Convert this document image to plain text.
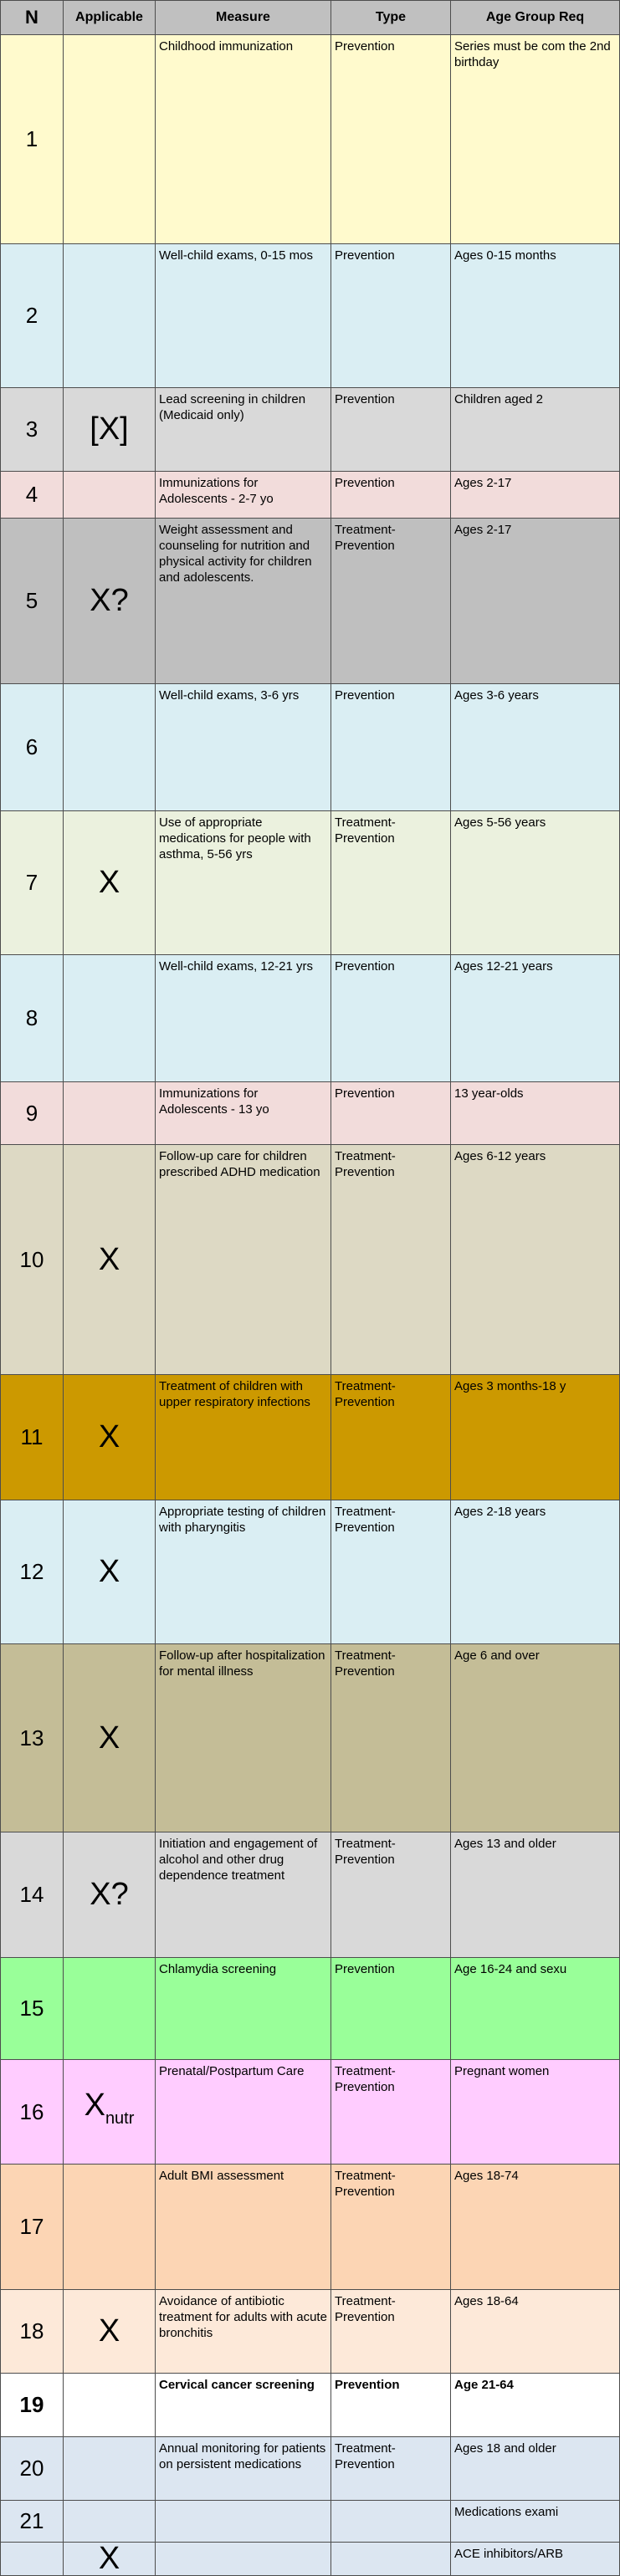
N	Applicable	Measure	Type	Age Group Req
1		Childhood immunization	Prevention	Series must be com the 2nd birthday
2		Well-child exams, 0-15 mos	Prevention	Ages 0-15 months
3	[X]	Lead screening in children (Medicaid only)	Prevention	Children aged 2
4		Immunizations for Adolescents - 2-7 yo	Prevention	Ages 2-17
5	X?	Weight assessment and counseling for nutrition and physical activity for children and adolescents.	Treatment-Prevention	Ages 2-17
6		Well-child exams, 3-6 yrs	Prevention	Ages 3-6 years
7	X	Use of appropriate medications for people with asthma, 5-56 yrs	Treatment-Prevention	Ages 5-56 years
8		Well-child exams, 12-21 yrs	Prevention	Ages 12-21 years
9		Immunizations for Adolescents - 13 yo	Prevention	13 year-olds
10	X	Follow-up care for children prescribed ADHD medication	Treatment-Prevention	Ages 6-12 years
11	X	Treatment of children with upper respiratory infections	Treatment-Prevention	Ages 3 months-18 y
12	X	Appropriate testing of children with pharyngitis	Treatment-Prevention	Ages 2-18 years
13	X	Follow-up after hospitalization for mental illness	Treatment-Prevention	Age 6 and over
14	X?	Initiation and engagement of alcohol and other drug dependence treatment	Treatment-Prevention	Ages 13 and older
15		Chlamydia screening	Prevention	Age 16-24 and sexu
16	$X_{nutr}$	Prenatal/Postpartum Care	Treatment-Prevention	Pregnant women
17		Adult BMI assessment	Treatment-Prevention	Ages 18-74
18	X	Avoidance of antibiotic treatment for adults with acute bronchitis	Treatment-Prevention	Ages 18-64
19		Cervical cancer screening	Prevention	Age 21-64
20		Annual monitoring for patients on persistent medications	Treatment-Prevention	Ages 18 and older
21				Medications exami
	X			ACE inhibitors/ARB
